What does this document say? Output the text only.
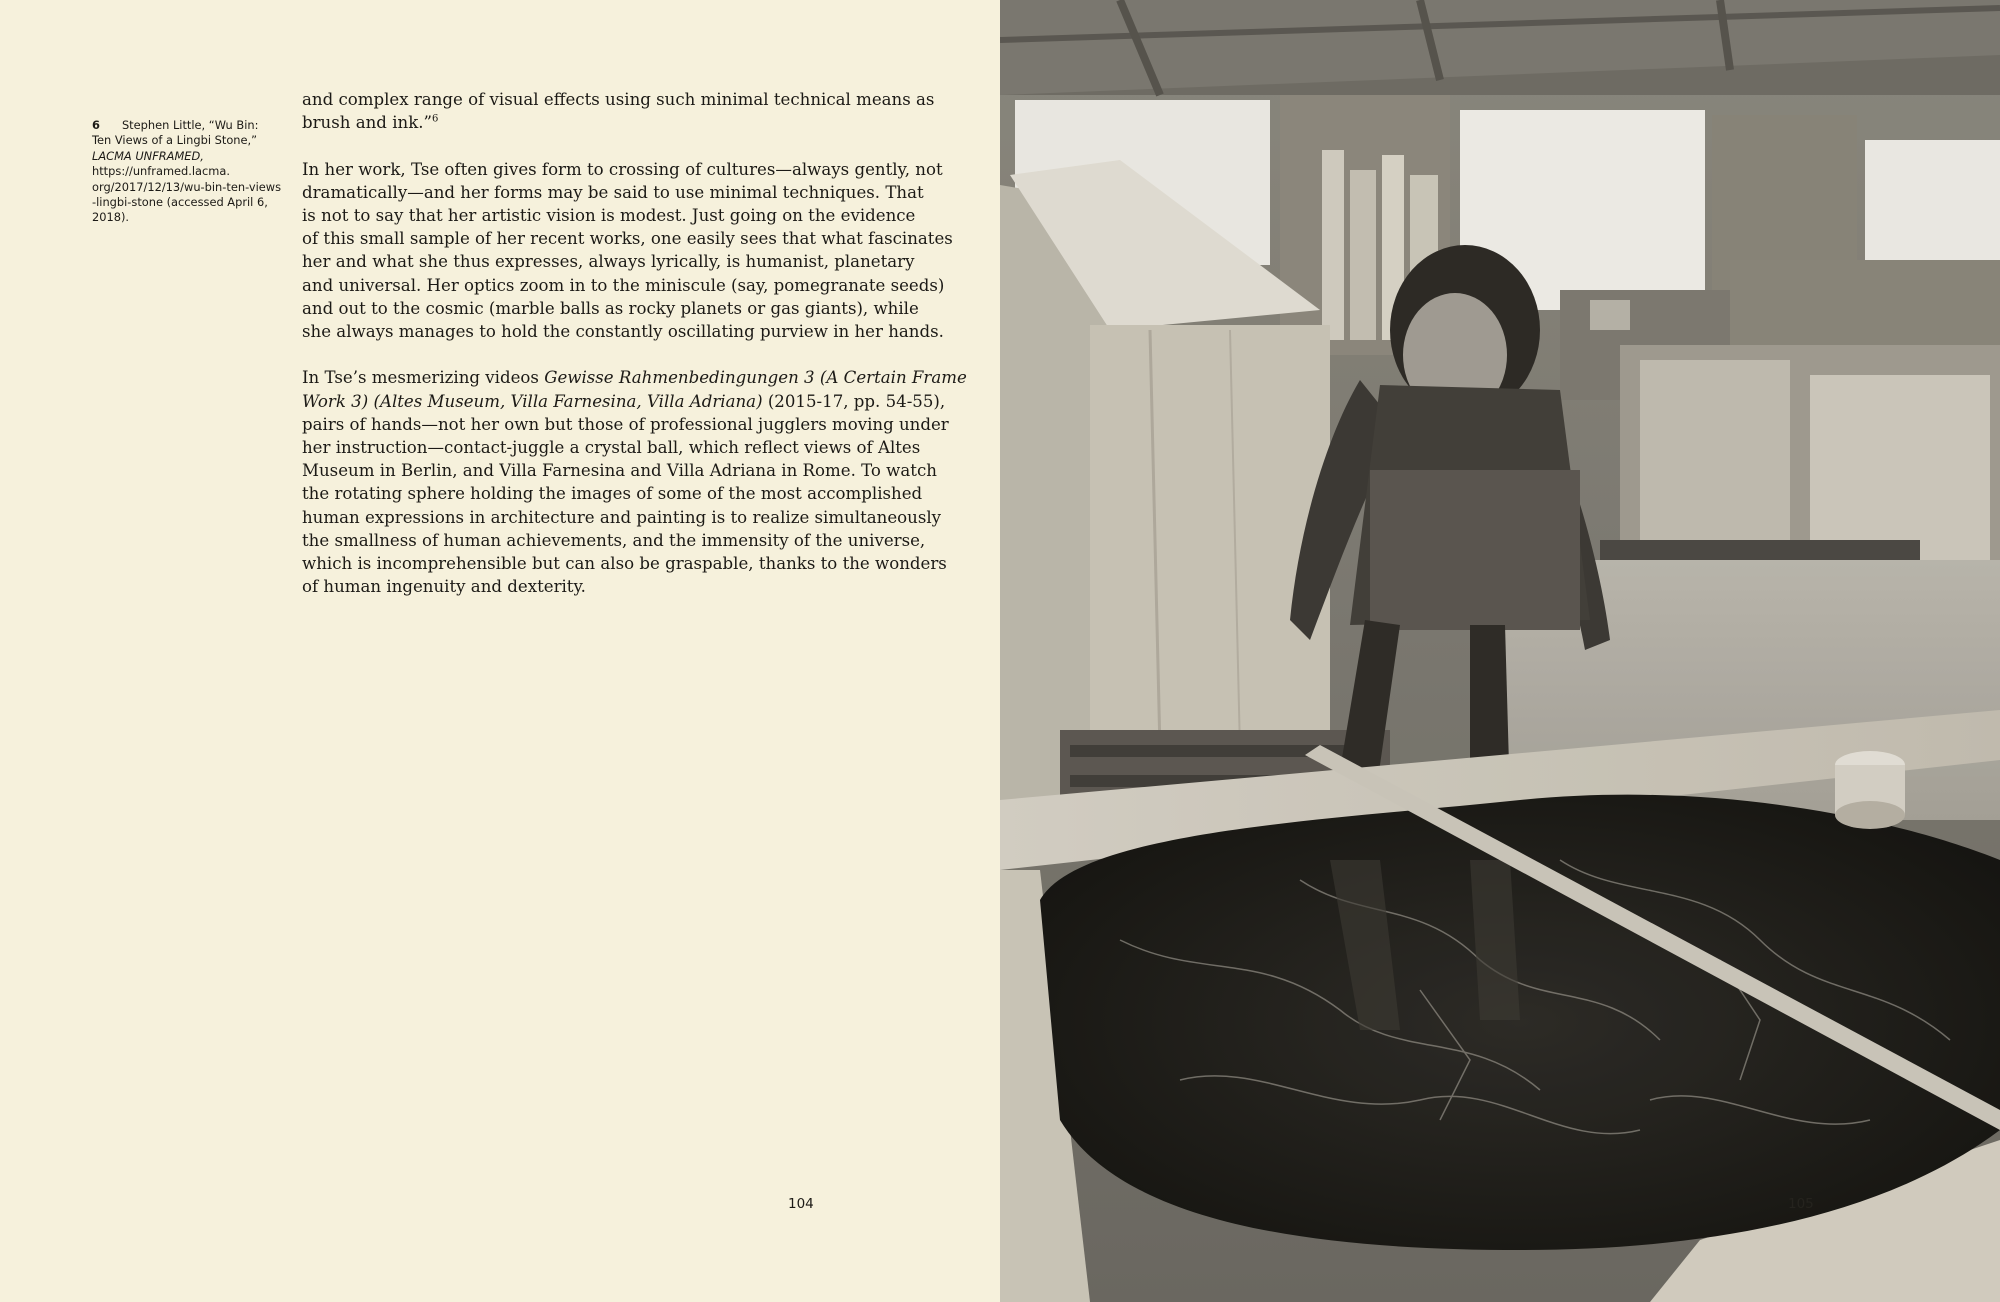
6 Stephen Little, “Wu Bin:
Ten Views of a Lingbi Stone,”
LACMA UNFRAMED,
https://unframed.lacma.
org/2017/12/13/wu-bin-ten-views
-lingbi-stone (accessed April 6,
2018).

and complex range of visual effects using such minimal technical means as
brush and ink.”$^6$

In her work, Tse often gives form to crossing of cultures—always gently, not
dramatically—and her forms may be said to use minimal techniques. That
is not to say that her artistic vision is modest. Just going on the evidence
of this small sample of her recent works, one easily sees that what fascinates
her and what she thus expresses, always lyrically, is humanist, planetary
and universal. Her optics zoom in to the miniscule (say, pomegranate seeds)
and out to the cosmic (marble balls as rocky planets or gas giants), while
she always manages to hold the constantly oscillating purview in her hands.

In Tse’s mesmerizing videos Gewisse Rahmenbedingungen 3 (A Certain Frame
Work 3) (Altes Museum, Villa Farnesina, Villa Adriana) (2015-17, pp. 54-55),
pairs of hands—not her own but those of professional jugglers moving under
her instruction—contact-juggle a crystal ball, which reflect views of Altes
Museum in Berlin, and Villa Farnesina and Villa Adriana in Rome. To watch
the rotating sphere holding the images of some of the most accomplished
human expressions in architecture and painting is to realize simultaneously
the smallness of human achievements, and the immensity of the universe,
which is incomprehensible but can also be graspable, thanks to the wonders
of human ingenuity and dexterity.

104	105
